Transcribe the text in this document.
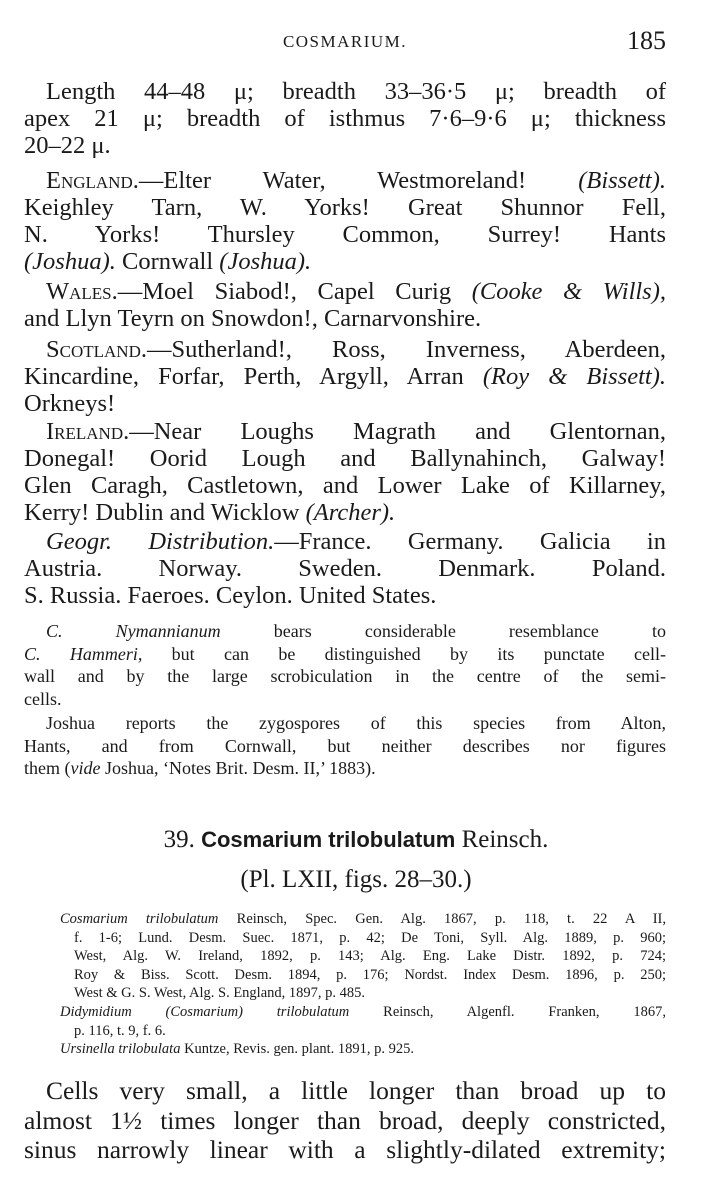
COSMARIUM.	185

Length 44–48 μ; breadth 33–36·5 μ; breadth of

apex 21 μ; breadth of isthmus 7·6–9·6 μ; thickness

20–22 μ.

England.—Elter Water, Westmoreland! (Bissett).

Keighley Tarn, W. Yorks! Great Shunnor Fell,

N. Yorks! Thursley Common, Surrey! Hants

(Joshua). Cornwall (Joshua).

Wales.—Moel Siabod!, Capel Curig (Cooke & Wills),

and Llyn Teyrn on Snowdon!, Carnarvonshire.

Scotland.—Sutherland!, Ross, Inverness, Aberdeen,

Kincardine, Forfar, Perth, Argyll, Arran (Roy & Bissett).

Orkneys!

Ireland.—Near Loughs Magrath and Glentornan,

Donegal! Oorid Lough and Ballynahinch, Galway!

Glen Caragh, Castletown, and Lower Lake of Killarney,

Kerry! Dublin and Wicklow (Archer).

Geogr. Distribution.—France. Germany. Galicia in

Austria. Norway. Sweden. Denmark. Poland.

S. Russia. Faeroes. Ceylon. United States.

C. Nymannianum bears considerable resemblance to

C. Hammeri, but can be distinguished by its punctate cell-

wall and by the large scrobiculation in the centre of the semi-

cells.

Joshua reports the zygospores of this species from Alton,

Hants, and from Cornwall, but neither describes nor figures

them (vide Joshua, ‘Notes Brit. Desm. II,’ 1883).

39. Cosmarium trilobulatum Reinsch.
(Pl. LXII, figs. 28–30.)

Cosmarium trilobulatum Reinsch, Spec. Gen. Alg. 1867, p. 118, t. 22 A II,

f. 1-6; Lund. Desm. Suec. 1871, p. 42; De Toni, Syll. Alg. 1889, p. 960;

West, Alg. W. Ireland, 1892, p. 143; Alg. Eng. Lake Distr. 1892, p. 724;

Roy & Biss. Scott. Desm. 1894, p. 176; Nordst. Index Desm. 1896, p. 250;

West & G. S. West, Alg. S. England, 1897, p. 485.

Didymidium (Cosmarium) trilobulatum Reinsch, Algenfl. Franken, 1867,

p. 116, t. 9, f. 6.

Ursinella trilobulata Kuntze, Revis. gen. plant. 1891, p. 925.

Cells very small, a little longer than broad up to

almost 1½ times longer than broad, deeply constricted,

sinus narrowly linear with a slightly-dilated extremity;
